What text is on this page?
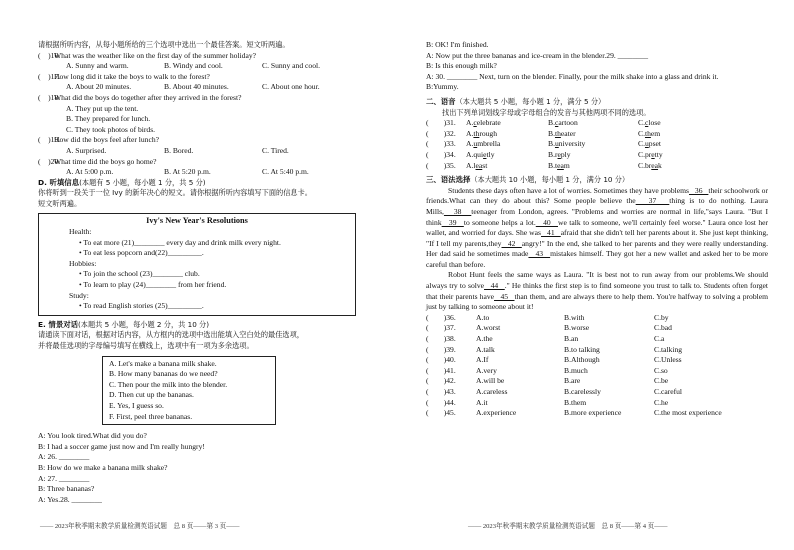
请根据所听内容，从每小题所给的三个选项中选出一个最佳答案。短文听两遍。
(　)16.
What was the weather like on the first day of the summer holiday?
A. Sunny and warm.	B. Windy and cool.	C. Sunny and cool.
(　)17.
How long did it take the boys to walk to the forest?
A. About 20 minutes.	B. About 40 minutes.	C. About one hour.
(　)18.
What did the boys do together after they arrived in the forest?
A. They put up the tent.
B. They prepared for lunch.
C. They took photos of birds.
(　)19.
How did the boys feel after lunch?
A. Surprised.	B. Bored.	C. Tired.
(　)20.
What time did the boys go home?
A. At 5:00 p.m.	B. At 5:20 p.m.	C. At 5:40 p.m.
D. 听填信息(本题有 5 小题，每小题 1 分，共 5 分)
你将听到一段关于一位 Ivy 的新年决心的短文。请你根据所听内容填写下面的信息卡。
短文听两遍。
Ivy's New Year's Resolutions
Health:
• To eat more (21)________ every day and drink milk every night.
• To eat less popcorn and(22)_________.
Hobbies:
• To join the school (23)________ club.
• To learn to play (24)________ from her friend.
Study:
• To read English stories (25)_________.
E. 情景对话(本题共 5 小题，每小题 2 分，共 10 分)
请通读下面对话，根据对话内容，从方框内的选项中选出能填入空白处的最佳选项，
并将最佳选项的字母编号填写在横线上，选项中有一项为多余选项。
A. Let's make a banana milk shake.
B. How many bananas do we need?
C. Then pour the milk into the blender.
D. Then cut up the bananas.
E. Yes, I guess so.
F. First, peel three bananas.
A: You look tired.What did you do?
B: I had a soccer game just now and I'm really hungry!
A: 26. ________
B: How do we make a banana milk shake?
A: 27. ________
B: Three bananas?
A: Yes.28. ________
B: OK! I'm finished.
A: Now put the three bananas and ice-cream in the blender.29. ________
B: Is this enough milk?
A: 30. ________ Next, turn on the blender. Finally, pour the milk shake into a glass and drink it.
B:Yummy.
二、语音（本大题共 5 小题，每小题 1 分，满分 5 分）
找出下列单词划线字母或字母组合的发音与其他两项不同的选项。
(　　)31.	A.celebrate	B.cartoon	C.close
(　　)32.	A.through	B.theater	C.them
(　　)33.	A.umbrella	B.university	C.upset
(　　)34.	A.quietly	B.reply	C.pretty
(　　)35.	A.least	B.team	C.break
三、语法选择（本大题共 10 小题，每小题 1 分，满分 10 分）
Students these days often have a lot of worries. Sometimes they have problems   36   their schoolwork or friends.What can they do about this? Some people believe the   37   thing is to do nothing. Laura Mills,   38   teenager from London, agrees. "Problems and worries are normal in life,"says Laura. "But I think   39   to someone helps a lot.   40   we talk to someone, we'll certainly feel worse." Laura once lost her wallet, and worried for days. She was   41   afraid that she didn't tell her parents about it. She just kept thinking, "If I tell my parents,they   42   angry!" In the end, she talked to her parents and they were really understanding. Her dad said he sometimes made   43   mistakes himself. They got her a new wallet and asked her to be more careful than before.
Robot Hunt feels the same ways as Laura. "It is best not to run away from our problems.We should always try to solve   44   ." He thinks the first step is to find someone you trust to talk to. Students often forget that their parents have   45   than them, and are always there to help them. You're halfway to solving a problem just by talking to someone about it!
(　　)36.	A.to	B.with	C.by
(　　)37.	A.worst	B.worse	C.bad
(　　)38.	A.the	B.an	C.a
(　　)39.	A.talk	B.to talking	C.talking
(　　)40.	A.If	B.Although	C.Unless
(　　)41.	A.very	B.much	C.so
(　　)42.	A.will be	B.are	C.be
(　　)43.	A.careless	B.carelessly	C.careful
(　　)44.	A.it	B.them	C.he
(　　)45.	A.experience	B.more experience	C.the most experience
—— 2023年秋季期末教学质量检测英语试题　总 8 页——第 3 页——	—— 2023年秋季期末教学质量检测英语试题　总 8 页——第 4 页——
